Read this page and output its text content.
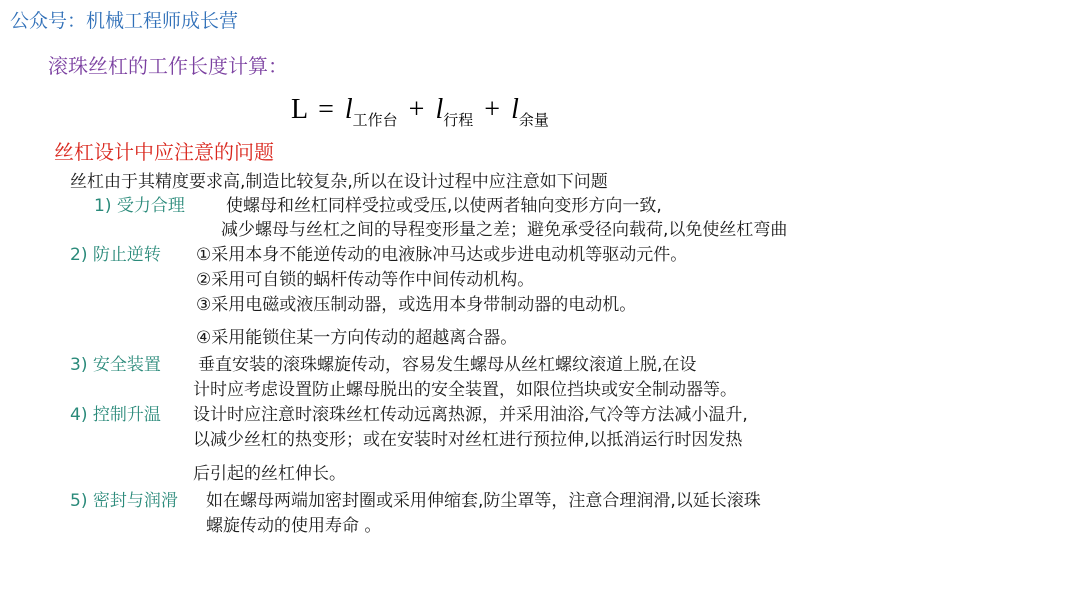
公众号：机械工程师成长营
滚珠丝杠的工作长度计算：
$L = l_{工作台} + l_{行程} + l_{余量}$
丝杠设计中应注意的问题
丝杠由于其精度要求高,制造比较复杂,所以在设计过程中应注意如下问题
1) 受力合理 使螺母和丝杠同样受拉或受压,以使两者轴向变形方向一致,
减少螺母与丝杠之间的导程变形量之差；避免承受径向载荷,以免使丝杠弯曲
2) 防止逆转 ①采用本身不能逆传动的电液脉冲马达或步进电动机等驱动元件。
②采用可自锁的蜗杆传动等作中间传动机构。
③采用电磁或液压制动器，或选用本身带制动器的电动机。
④采用能锁住某一方向传动的超越离合器。
3) 安全装置 垂直安装的滚珠螺旋传动，容易发生螺母从丝杠螺纹滚道上脱,在设
计时应考虑设置防止螺母脱出的安全装置，如限位挡块或安全制动器等。
4) 控制升温 设计时应注意时滚珠丝杠传动远离热源，并采用油浴,气冷等方法减小温升,
以减少丝杠的热变形；或在安装时对丝杠进行预拉伸,以抵消运行时因发热
后引起的丝杠伸长。
5) 密封与润滑 如在螺母两端加密封圈或采用伸缩套,防尘罩等，注意合理润滑,以延长滚珠
螺旋传动的使用寿命 。
